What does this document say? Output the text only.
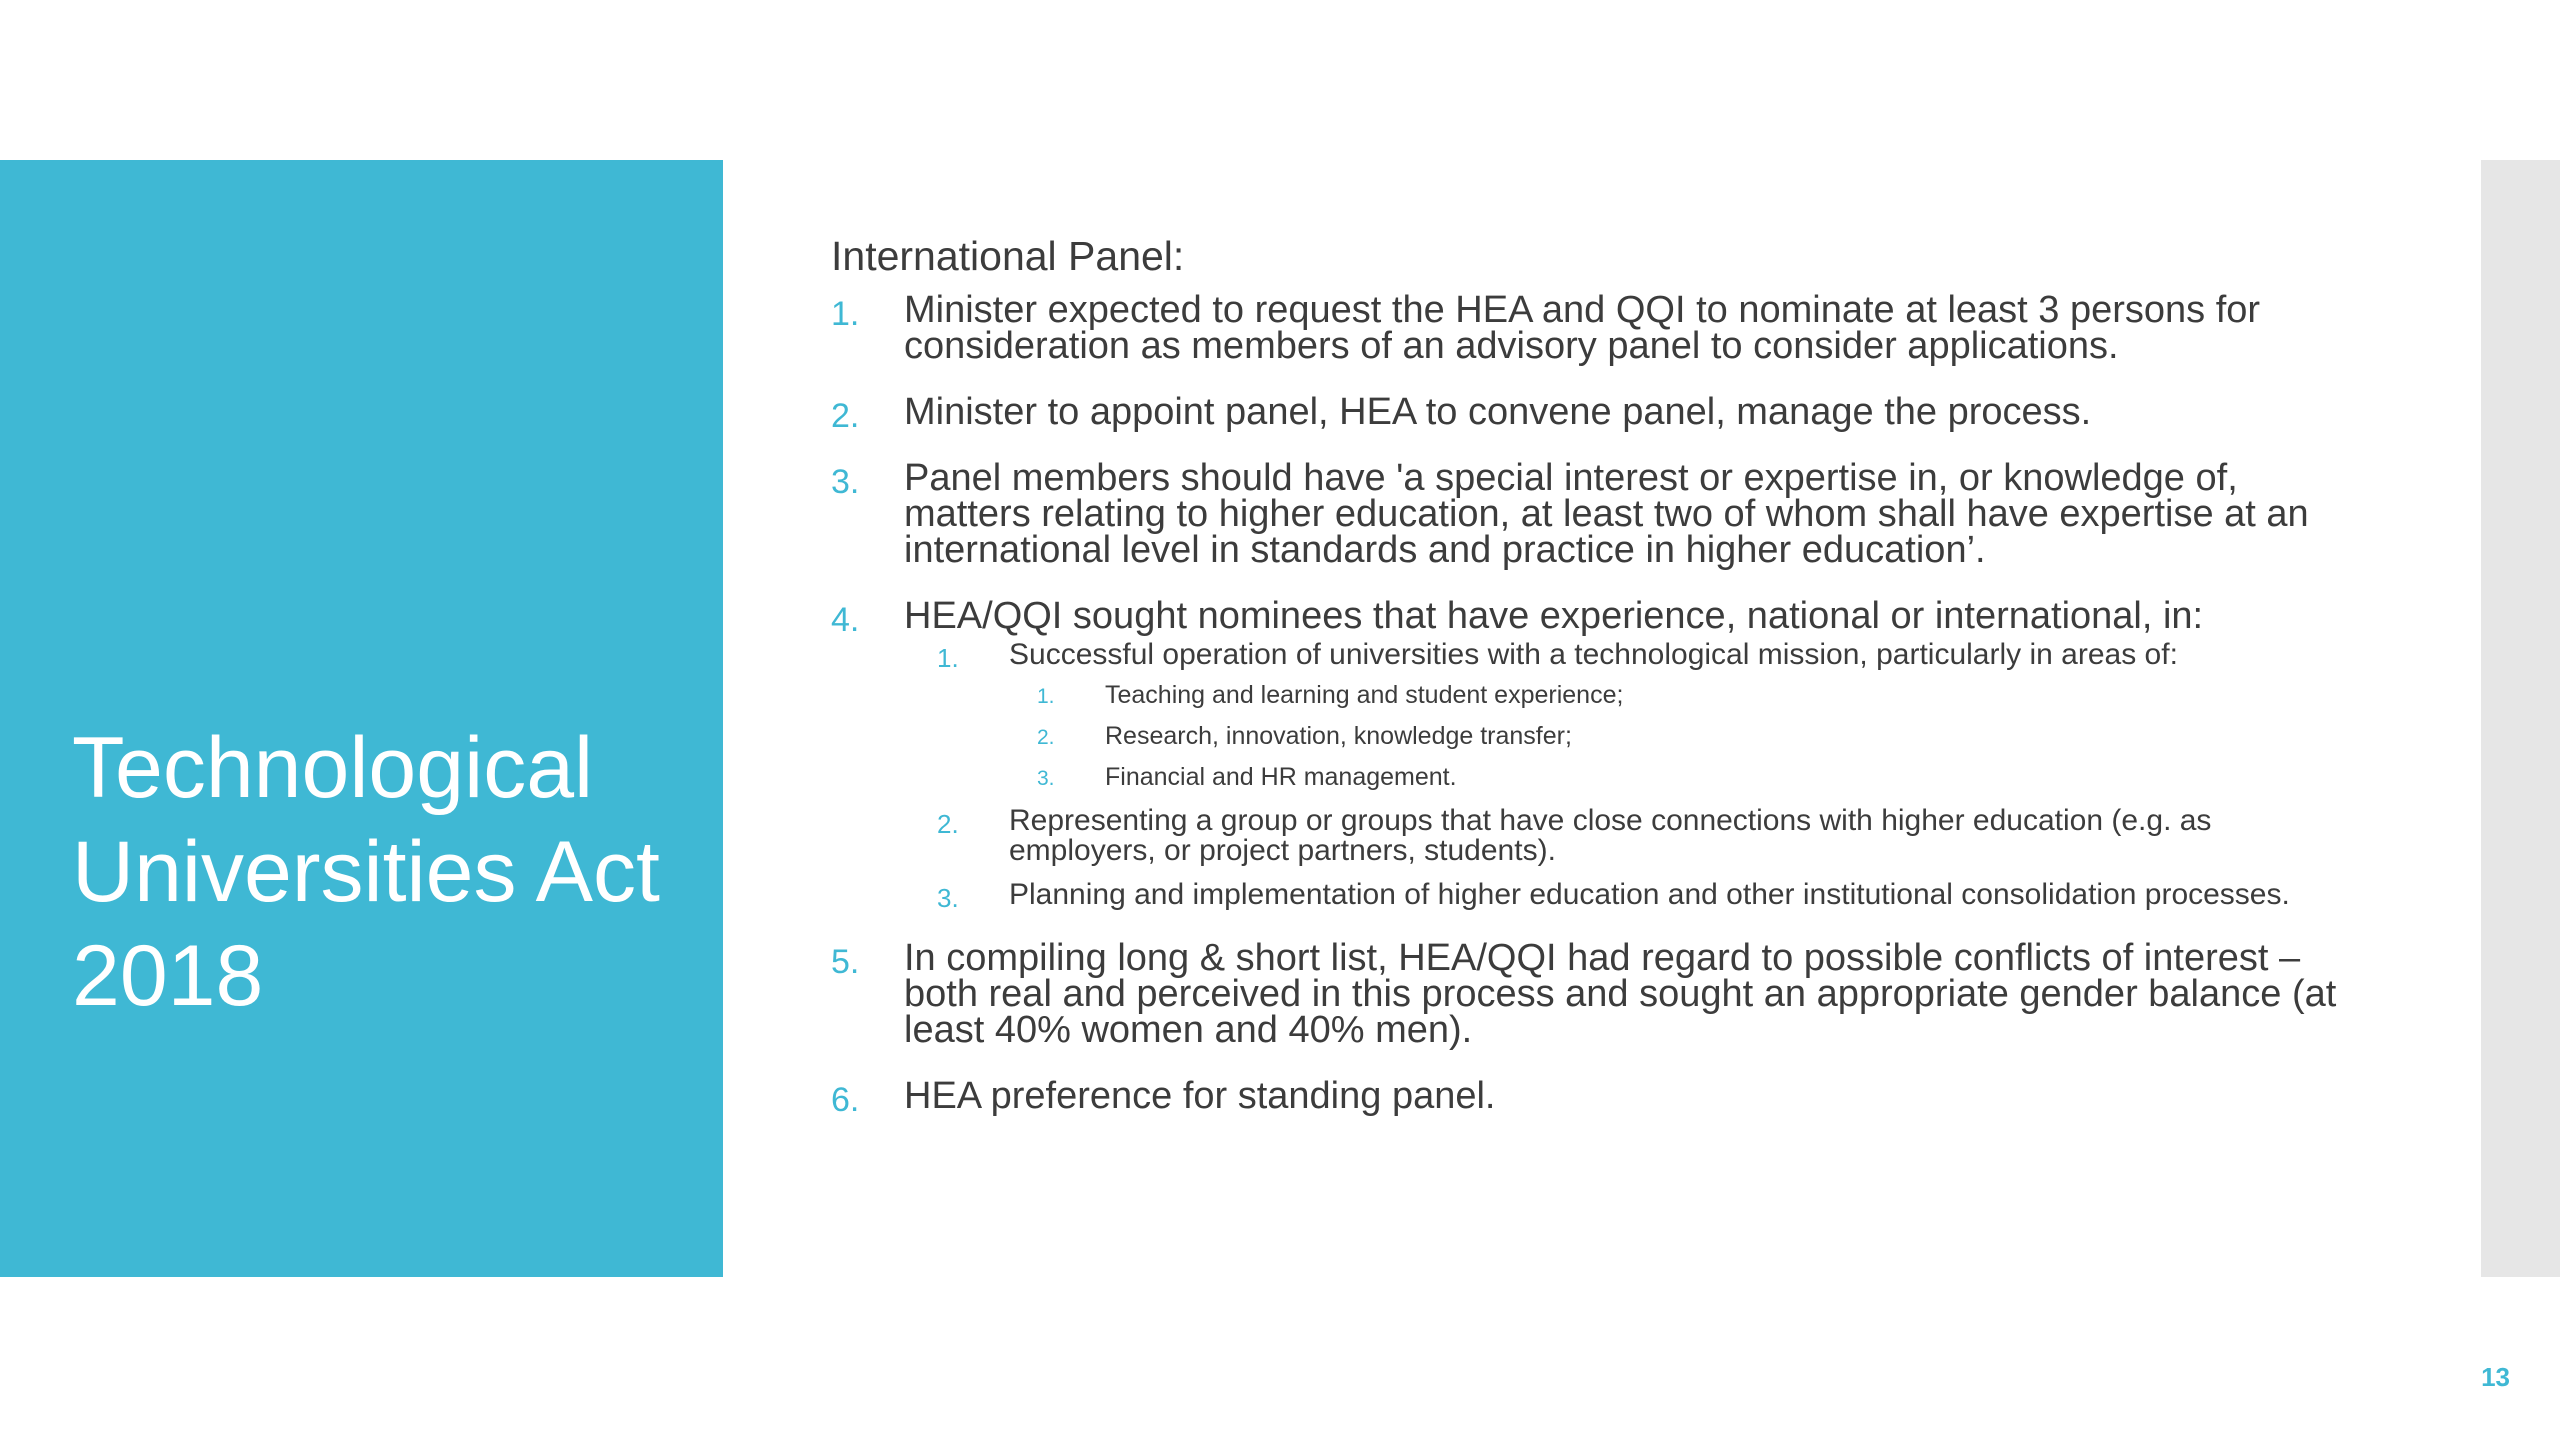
Technological Universities Act 2018
International Panel:
1. Minister expected to request the HEA and QQI to nominate at least 3 persons for consideration as members of an advisory panel to consider applications.
2. Minister to appoint panel, HEA to convene panel, manage the process.
3. Panel members should have 'a special interest or expertise in, or knowledge of, matters relating to higher education, at least two of whom shall have expertise at an international level in standards and practice in higher education’.
4. HEA/QQI sought nominees that have experience, national or international, in:
1. Successful operation of universities with a technological mission, particularly in areas of:
1. Teaching and learning and student experience;
2. Research, innovation, knowledge transfer;
3. Financial and HR management.
2. Representing a group or groups that have close connections with higher education (e.g. as employers, or project partners, students).
3. Planning and implementation of higher education and other institutional consolidation processes.
5. In compiling long & short list, HEA/QQI had regard to possible conflicts of interest – both real and perceived in this process and sought an appropriate gender balance (at least 40% women and 40% men).
6. HEA preference for standing panel.
13
